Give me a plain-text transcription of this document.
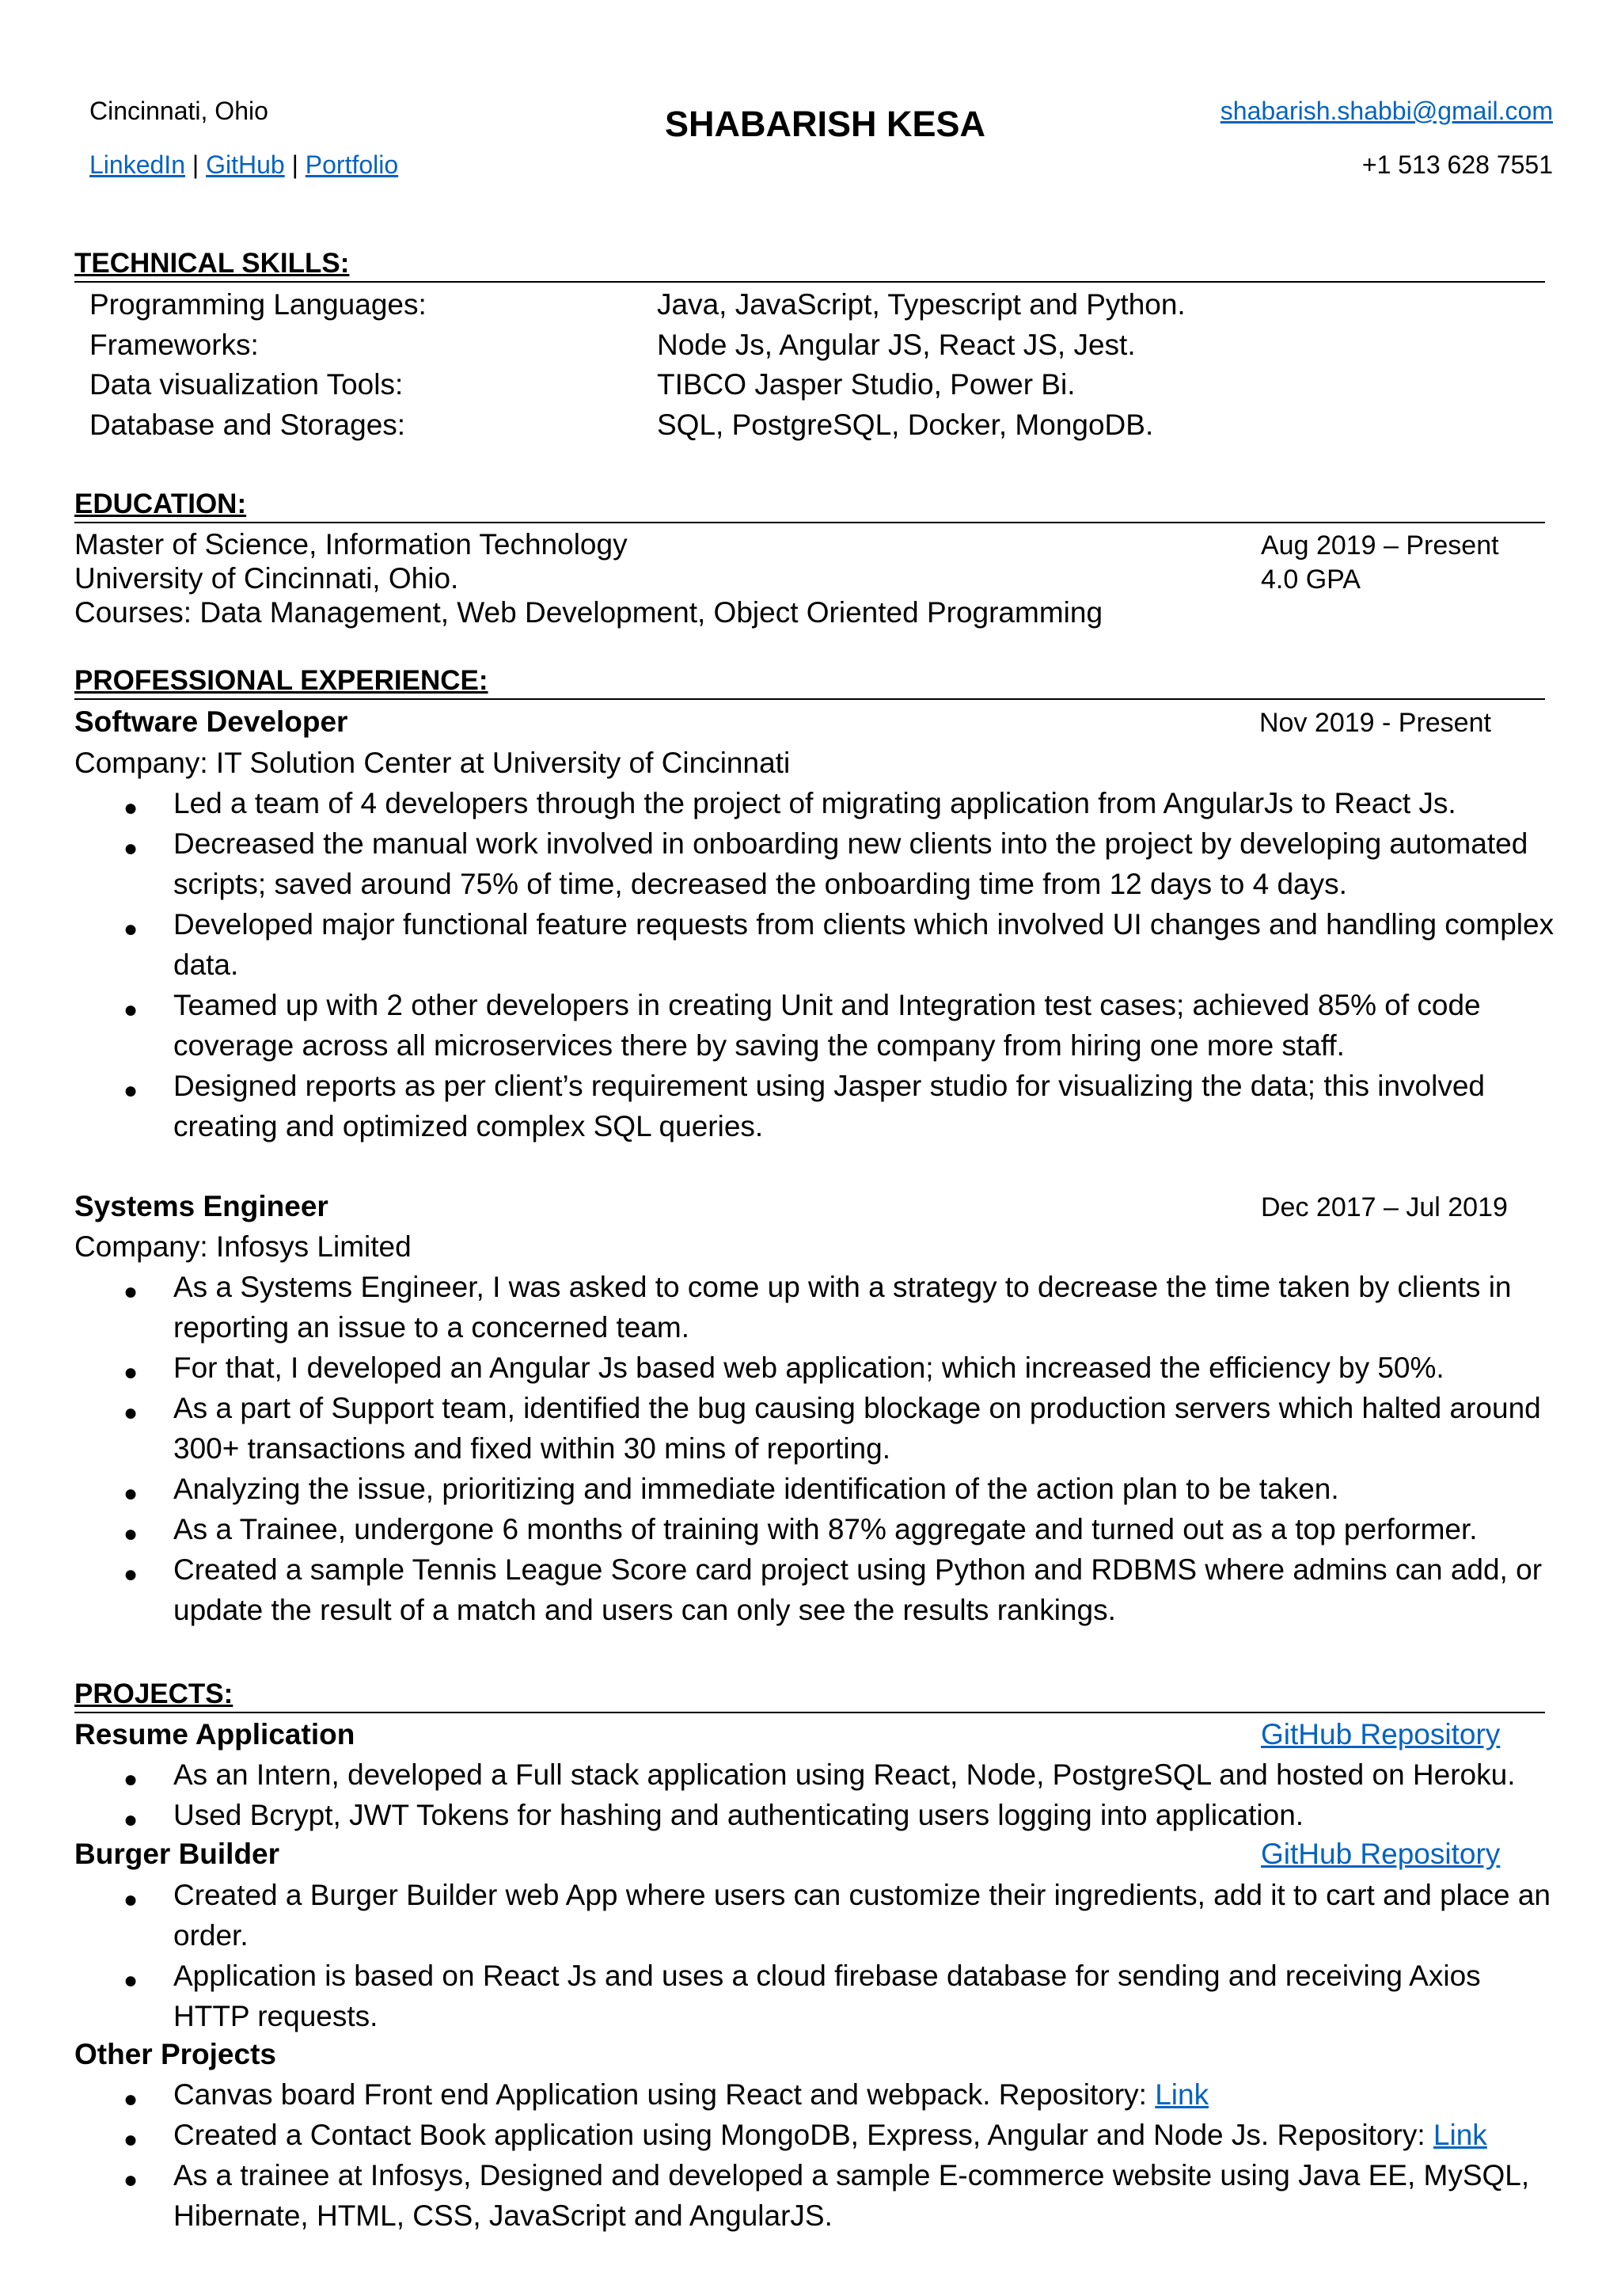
Cincinnati, Ohio	SHABARISH KESA	shabarish.shabbi@gmail.com
LinkedIn | GitHub | Portfolio	+1 513 628 7551
TECHNICAL SKILLS:
Programming Languages:	Java, JavaScript, Typescript and Python.
Frameworks:	Node Js, Angular JS, React JS, Jest.
Data visualization Tools:	TIBCO Jasper Studio, Power Bi.
Database and Storages:	SQL, PostgreSQL, Docker, MongoDB.
EDUCATION:
Master of Science, Information Technology	Aug 2019 – Present
University of Cincinnati, Ohio.	4.0 GPA
Courses: Data Management, Web Development, Object Oriented Programming
PROFESSIONAL EXPERIENCE:
Software Developer	Nov 2019 - Present
Company: IT Solution Center at University of Cincinnati
● Led a team of 4 developers through the project of migrating application from AngularJs to React Js.
● Decreased the manual work involved in onboarding new clients into the project by developing automated scripts; saved around 75% of time, decreased the onboarding time from 12 days to 4 days.
● Developed major functional feature requests from clients which involved UI changes and handling complex data.
● Teamed up with 2 other developers in creating Unit and Integration test cases; achieved 85% of code coverage across all microservices there by saving the company from hiring one more staff.
● Designed reports as per client’s requirement using Jasper studio for visualizing the data; this involved creating and optimized complex SQL queries.
Systems Engineer	Dec 2017 – Jul 2019
Company: Infosys Limited
● As a Systems Engineer, I was asked to come up with a strategy to decrease the time taken by clients in reporting an issue to a concerned team.
● For that, I developed an Angular Js based web application; which increased the efficiency by 50%.
● As a part of Support team, identified the bug causing blockage on production servers which halted around 300+ transactions and fixed within 30 mins of reporting.
● Analyzing the issue, prioritizing and immediate identification of the action plan to be taken.
● As a Trainee, undergone 6 months of training with 87% aggregate and turned out as a top performer.
● Created a sample Tennis League Score card project using Python and RDBMS where admins can add, or update the result of a match and users can only see the results rankings.
PROJECTS:
Resume Application	GitHub Repository
● As an Intern, developed a Full stack application using React, Node, PostgreSQL and hosted on Heroku.
● Used Bcrypt, JWT Tokens for hashing and authenticating users logging into application.
Burger Builder	GitHub Repository
● Created a Burger Builder web App where users can customize their ingredients, add it to cart and place an order.
● Application is based on React Js and uses a cloud firebase database for sending and receiving Axios HTTP requests.
Other Projects
● Canvas board Front end Application using React and webpack. Repository: Link
● Created a Contact Book application using MongoDB, Express, Angular and Node Js. Repository: Link
● As a trainee at Infosys, Designed and developed a sample E-commerce website using Java EE, MySQL, Hibernate, HTML, CSS, JavaScript and AngularJS.
